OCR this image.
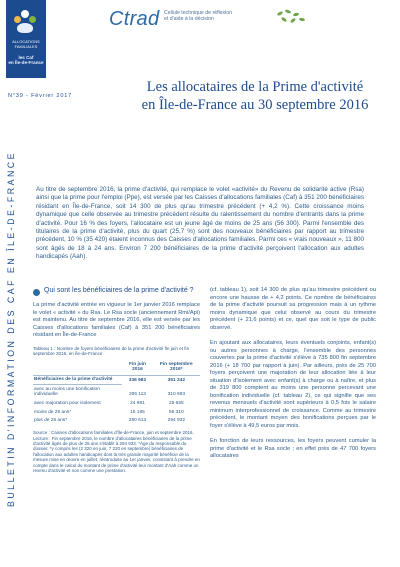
ALLOCATIONS
FAMILIALES
les Caf
en Île-de-France
Ctrad Cellule technique de réflexion
et d'aide à la décision
N°39 - Février 2017
Les allocataires de la Prime d'activité
en Île-de-France au 30 septembre 2016
BULLETIN D'INFORMATION DES CAF EN ÎLE-DE-FRANCE	Au titre de septembre 2016, la prime d'activité, qui remplace le volet «activité» du Revenu de solidarité active (Rsa) ainsi que la prime pour l'emploi (Ppe), est versée par les Caisses d'allocations familiales (Caf) à 351 200 bénéficiaires résidant en Île-de-France, soit 14 300 de plus qu'au trimestre précédent (+ 4,2 %). Cette croissance moins dynamique que celle observée au trimestre précédent résulte du ralentissement du nombre d'entrants dans la prime d'activité. Pour 16 % des foyers, l'allocataire est un jeune âgé de moins de 25 ans (56 300). Parmi l'ensemble des titulaires de la prime d'activité, plus du quart (25,7 %) sont des nouveaux bénéficiaires par rapport au trimestre précédent, 10 % (35 420) étaient inconnus des Caisses d'allocations familiales. Parmi ces « vrais nouveaux », 11 800 sont âgés de 18 à 24 ans. Environ 7 200 bénéficiaires de la prime d'activité perçoivent l'allocation aux adultes handicapés (Aah).
Qui sont les bénéficiaires de la prime d'activité ?

La prime d'activité entrée en vigueur le 1er janvier 2016 remplace le volet « activité » du Rsa. Le Rsa socle (anciennement Rmi/Api) est maintenu. Au titre de septembre 2016, elle est versée par les Caisses d'allocations familiales (Caf) à 351 200 bénéficiaires résidant en Île-de-France

Tableau 1 : Nombre de foyers bénéficiaires de la prime d'activité fin juin et fin septembre 2016, en Île-de-France
	Fin juin 2016	Fin septembre 2016*
Bénéficiaires de la prime d'activité	336 982	351 242
avec au moins une bonification individuelle	295 113	310 693
avec majoration pour isolement	24 981	25 655
moins de 25 ans*	16 185	56 310
plus de 25 ans*	280 613	294 932
Source : Caisses d'allocations familiales d'Île-de-France, juin et septembre 2016. Lecture : Fin septembre 2016, le nombre d'allocataires bénéficiaires de la prime d'activité âgés de plus de 25 ans s'établit à 294 933. *Âge du responsable du dossier. *y compris les (2 320 en juin, 7 220 en septembre) bénéficiaires de l'allocation aux adultes handicapés dont la très grande majorité bénéficie de la mesure mise en œuvre en juillet, réintroduite au 1er janvier, consistant à prendre en compte dans le calcul du montant de prime d'activité leur montant d'Aah comme un revenu d'activité et non comme une prestation.

(cf. tableau 1), soit 14 300 de plus qu'au trimestre précédent ou encore une hausse de + 4,2 points. Ce nombre de bénéficiaires de la prime d'activité poursuit sa progression mais à un rythme moins dynamique que celui observé au cours du trimestre précédent (+ 21,6 points) et ce, quel que soit le type de public observé.

En ajoutant aux allocataires, leurs éventuels conjoints, enfant(s) ou autres personnes à charge, l'ensemble des personnes couvertes par la prime d'activité s'élève à 735 800 fin septembre 2016 (+ 18 700 par rapport à juin). Par ailleurs, près de 25 700 foyers perçoivent une majoration de leur allocation liée à leur situation d'isolement avec enfant(s) à charge ou à naître, et plus de 319 800 comptent au moins une personne percevant une bonification individuelle (cf. tableau 2), ce qui signifie que ses revenus mensuels d'activité sont supérieurs à 0,5 fois le salaire minimum interprofessionnel de croissance. Comme au trimestre précédent, le montant moyen des bonifications perçues par le foyer s'élève à 49,5 euros par mois.

En fonction de leurs ressources, les foyers peuvent cumuler la prime d'activité et le Rsa socle ; en effet près de 47 700 foyers allocataires
